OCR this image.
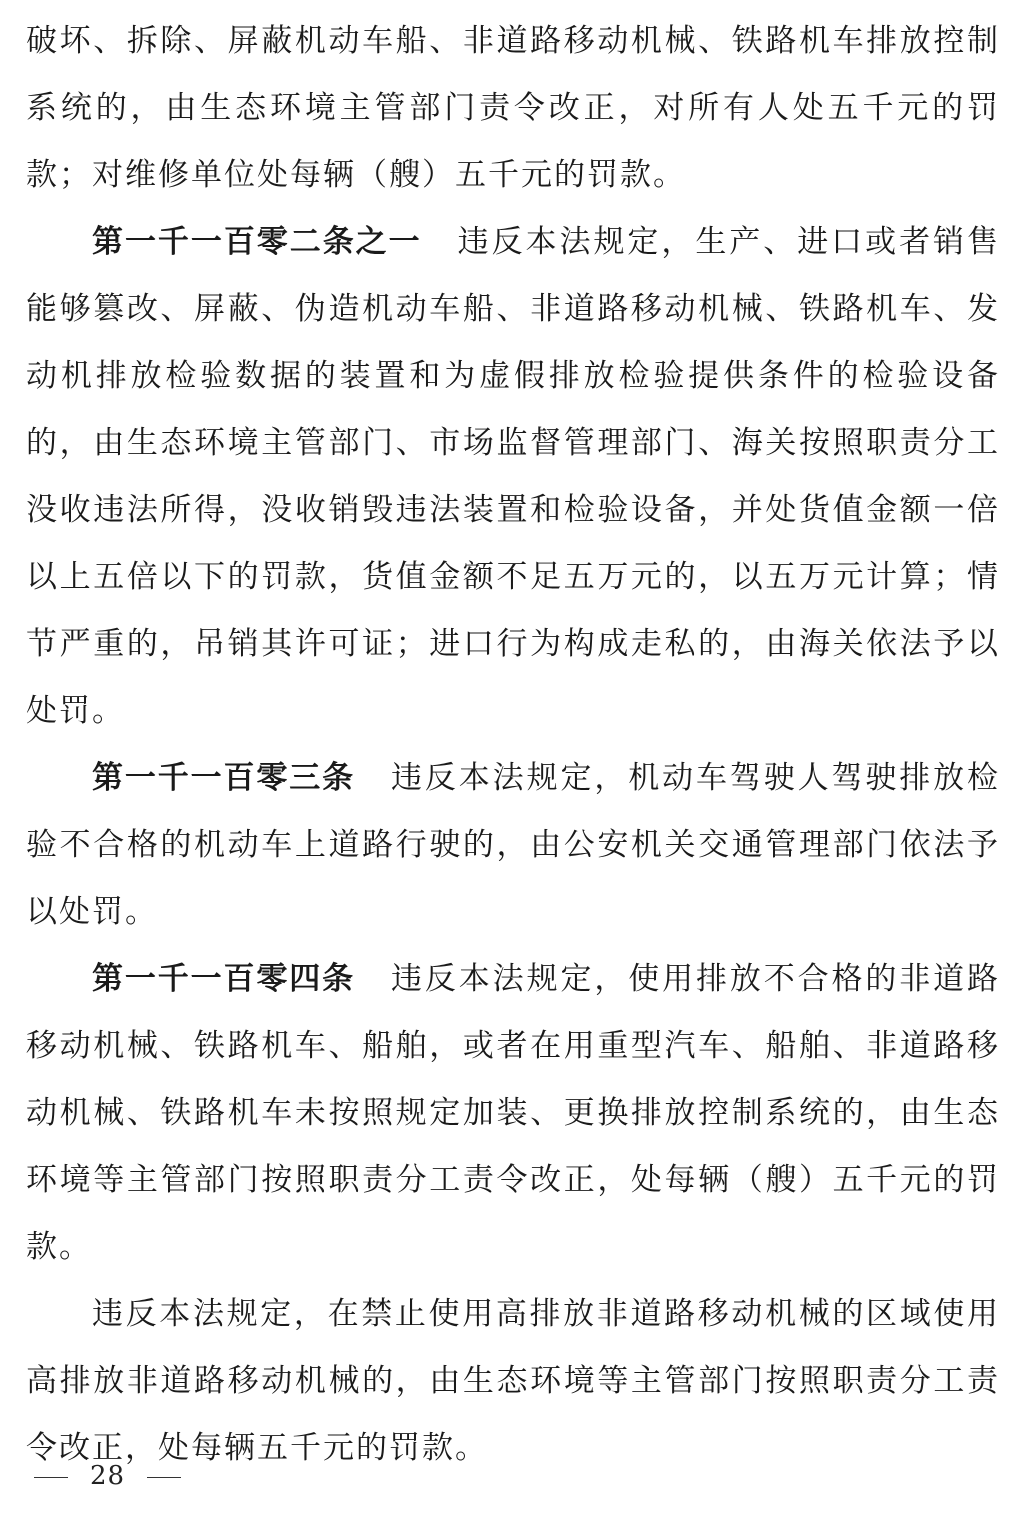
破坏、拆除、屏蔽机动车船、非道路移动机械、铁路机车排放控制系统的，由生态环境主管部门责令改正，对所有人处五千元的罚款；对维修单位处每辆（艘）五千元的罚款。

第一千一百零二条之一 违反本法规定，生产、进口或者销售能够篡改、屏蔽、伪造机动车船、非道路移动机械、铁路机车、发动机排放检验数据的装置和为虚假排放检验提供条件的检验设备的，由生态环境主管部门、市场监督管理部门、海关按照职责分工没收违法所得，没收销毁违法装置和检验设备，并处货值金额一倍以上五倍以下的罚款，货值金额不足五万元的，以五万元计算；情节严重的，吊销其许可证；进口行为构成走私的，由海关依法予以处罚。

第一千一百零三条 违反本法规定，机动车驾驶人驾驶排放检验不合格的机动车上道路行驶的，由公安机关交通管理部门依法予以处罚。

第一千一百零四条 违反本法规定，使用排放不合格的非道路移动机械、铁路机车、船舶，或者在用重型汽车、船舶、非道路移动机械、铁路机车未按照规定加装、更换排放控制系统的，由生态环境等主管部门按照职责分工责令改正，处每辆（艘）五千元的罚款。

违反本法规定，在禁止使用高排放非道路移动机械的区域使用高排放非道路移动机械的，由生态环境等主管部门按照职责分工责令改正，处每辆五千元的罚款。

28
